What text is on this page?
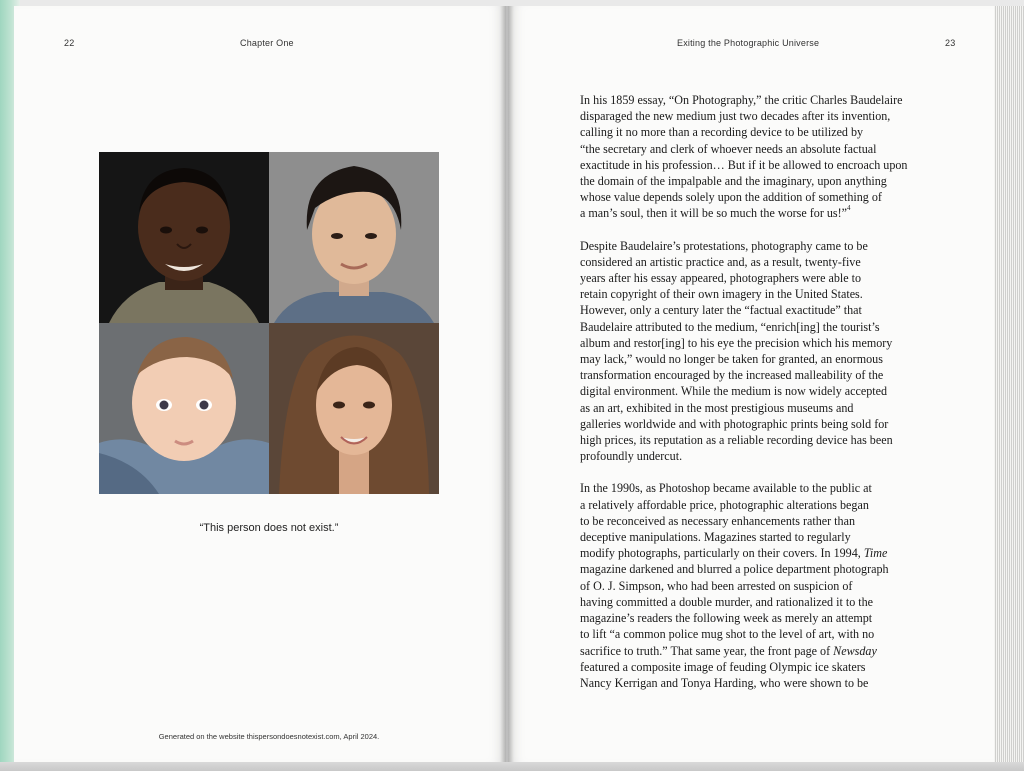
22	Chapter One	Exiting the Photographic Universe	23
“This person does not exist.”
Generated on the website thispersondoesnotexist.com, April 2024.

In his 1859 essay, “On Photography,” the critic Charles Baudelaire
disparaged the new medium just two decades after its invention,
calling it no more than a recording device to be utilized by
“the secretary and clerk of whoever needs an absolute factual
exactitude in his profession… But if it be allowed to encroach upon
the domain of the impalpable and the imaginary, upon anything
whose value depends solely upon the addition of something of
a man’s soul, then it will be so much the worse for us!”$^4$

Despite Baudelaire’s protestations, photography came to be
considered an artistic practice and, as a result, twenty-five
years after his essay appeared, photographers were able to
retain copyright of their own imagery in the United States.
However, only a century later the “factual exactitude” that
Baudelaire attributed to the medium, “enrich[ing] the tourist’s
album and restor[ing] to his eye the precision which his memory
may lack,” would no longer be taken for granted, an enormous
transformation encouraged by the increased malleability of the
digital environment. While the medium is now widely accepted
as an art, exhibited in the most prestigious museums and
galleries worldwide and with photographic prints being sold for
high prices, its reputation as a reliable recording device has been
profoundly undercut.

In the 1990s, as Photoshop became available to the public at
a relatively affordable price, photographic alterations began
to be reconceived as necessary enhancements rather than
deceptive manipulations. Magazines started to regularly
modify photographs, particularly on their covers. In 1994, Time
magazine darkened and blurred a police department photograph
of O. J. Simpson, who had been arrested on suspicion of
having committed a double murder, and rationalized it to the
magazine’s readers the following week as merely an attempt
to lift “a common police mug shot to the level of art, with no
sacrifice to truth.” That same year, the front page of Newsday
featured a composite image of feuding Olympic ice skaters
Nancy Kerrigan and Tonya Harding, who were shown to be
